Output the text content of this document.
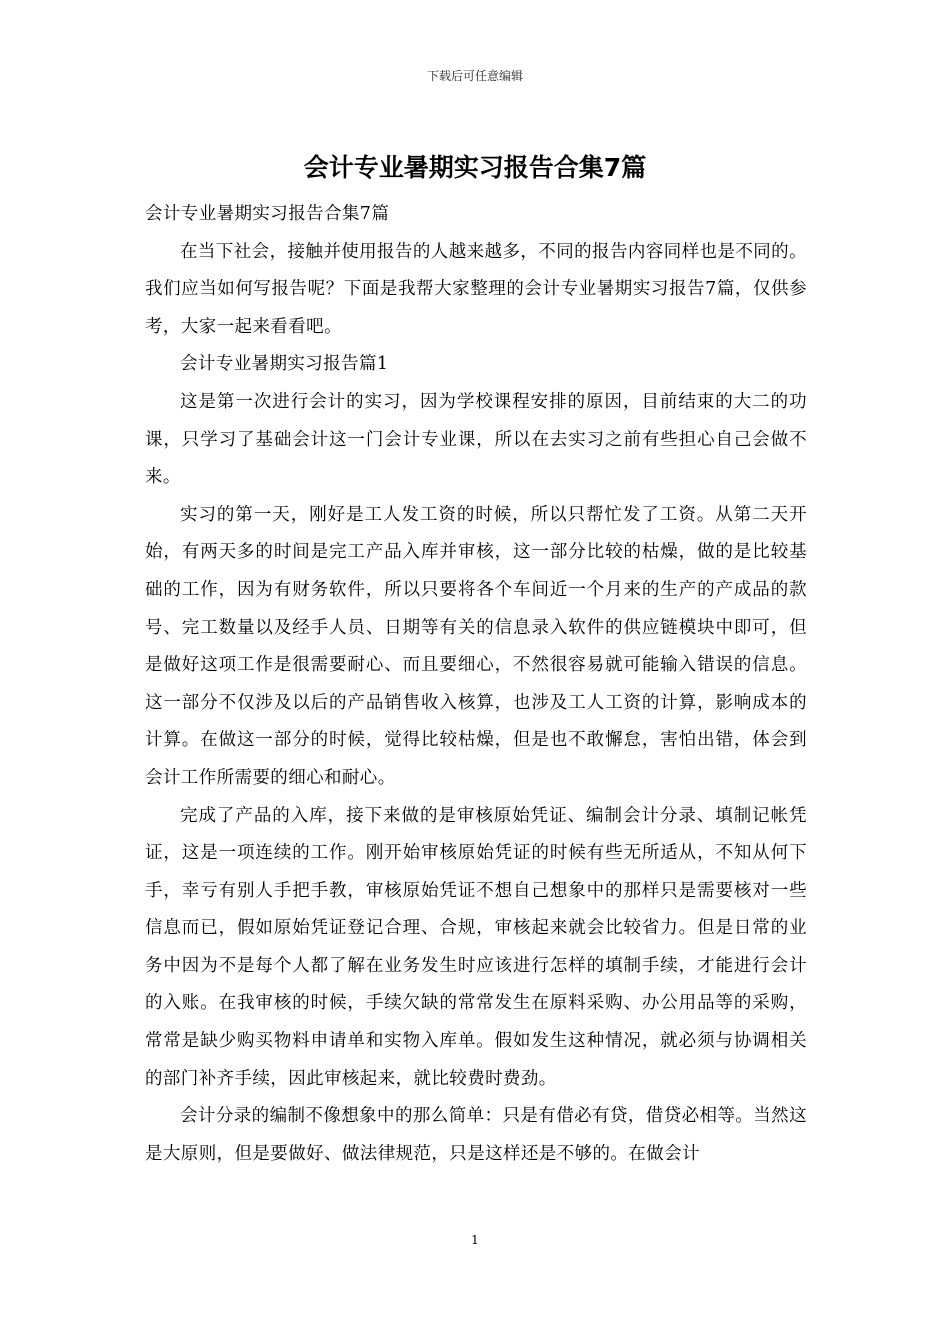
下载后可任意编辑
会计专业暑期实习报告合集7篇

会计专业暑期实习报告合集7篇

在当下社会，接触并使用报告的人越来越多，不同的报告内容同样也是不同的。我们应当如何写报告呢？下面是我帮大家整理的会计专业暑期实习报告7篇，仅供参考，大家一起来看看吧。

会计专业暑期实习报告篇1

这是第一次进行会计的实习，因为学校课程安排的原因，目前结束的大二的功课，只学习了基础会计这一门会计专业课，所以在去实习之前有些担心自己会做不来。

实习的第一天，刚好是工人发工资的时候，所以只帮忙发了工资。从第二天开始，有两天多的时间是完工产品入库并审核，这一部分比较的枯燥，做的是比较基础的工作，因为有财务软件，所以只要将各个车间近一个月来的生产的产成品的款号、完工数量以及经手人员、日期等有关的信息录入软件的供应链模块中即可，但是做好这项工作是很需要耐心、而且要细心，不然很容易就可能输入错误的信息。这一部分不仅涉及以后的产品销售收入核算，也涉及工人工资的计算，影响成本的计算。在做这一部分的时候，觉得比较枯燥，但是也不敢懈怠，害怕出错，体会到会计工作所需要的细心和耐心。

完成了产品的入库，接下来做的是审核原始凭证、编制会计分录、填制记帐凭证，这是一项连续的工作。刚开始审核原始凭证的时候有些无所适从，不知从何下手，幸亏有别人手把手教，审核原始凭证不想自己想象中的那样只是需要核对一些信息而已，假如原始凭证登记合理、合规，审核起来就会比较省力。但是日常的业务中因为不是每个人都了解在业务发生时应该进行怎样的填制手续，才能进行会计的入账。在我审核的时候，手续欠缺的常常发生在原料采购、办公用品等的采购，常常是缺少购买物料申请单和实物入库单。假如发生这种情况，就必须与协调相关的部门补齐手续，因此审核起来，就比较费时费劲。

会计分录的编制不像想象中的那么简单：只是有借必有贷，借贷必相等。当然这是大原则，但是要做好、做法律规范，只是这样还是不够的。在做会计

1
